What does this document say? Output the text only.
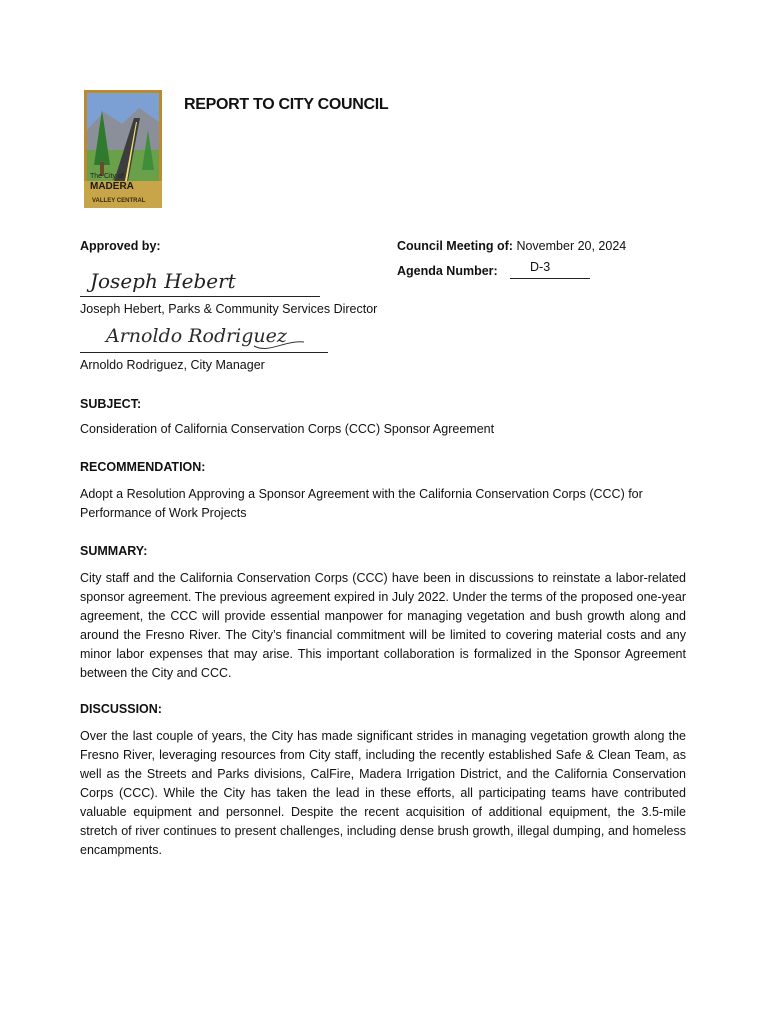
The City of
MADERA
VALLEY CENTRAL
REPORT TO CITY COUNCIL
Approved by:	Council Meeting of: November 20, 2024
Agenda Number:	D-3
Joseph Hebert
Joseph Hebert, Parks & Community Services Director
Arnoldo Rodriguez
Arnoldo Rodriguez, City Manager
SUBJECT:
Consideration of California Conservation Corps (CCC) Sponsor Agreement
RECOMMENDATION:
Adopt a Resolution Approving a Sponsor Agreement with the California Conservation Corps (CCC) for Performance of Work Projects
SUMMARY:
City staff and the California Conservation Corps (CCC) have been in discussions to reinstate a labor-related sponsor agreement. The previous agreement expired in July 2022. Under the terms of the proposed one-year agreement, the CCC will provide essential manpower for managing vegetation and bush growth along and around the Fresno River. The City’s financial commitment will be limited to covering material costs and any minor labor expenses that may arise. This important collaboration is formalized in the Sponsor Agreement between the City and CCC.
DISCUSSION:
Over the last couple of years, the City has made significant strides in managing vegetation growth along the Fresno River, leveraging resources from City staff, including the recently established Safe & Clean Team, as well as the Streets and Parks divisions, CalFire, Madera Irrigation District, and the California Conservation Corps (CCC). While the City has taken the lead in these efforts, all participating teams have contributed valuable equipment and personnel. Despite the recent acquisition of additional equipment, the 3.5-mile stretch of river continues to present challenges, including dense brush growth, illegal dumping, and homeless encampments.
